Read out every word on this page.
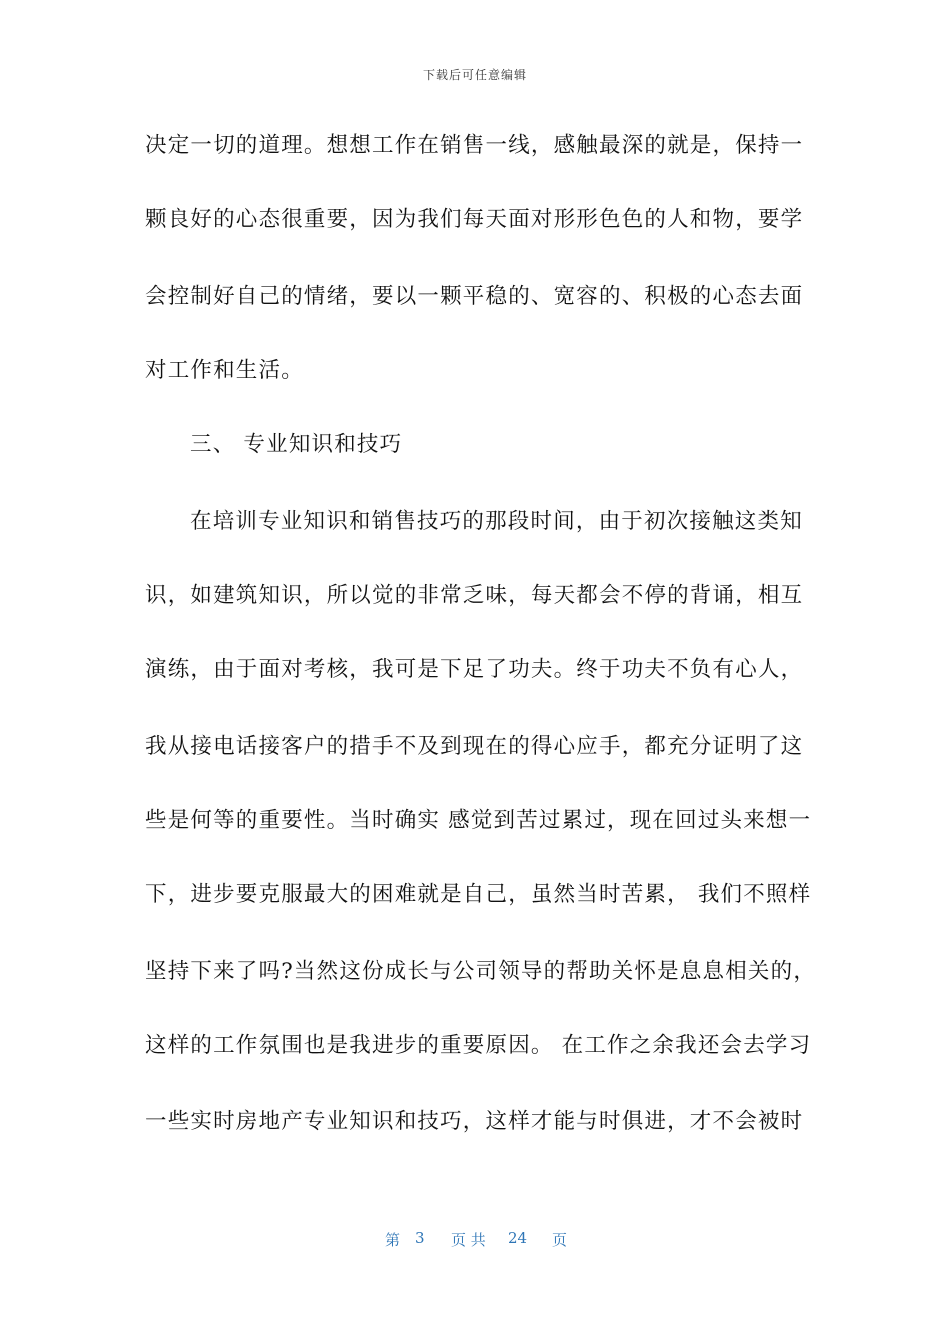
下载后可任意编辑
决定一切的道理。想想工作在销售一线，感触最深的就是，保持一
颗良好的心态很重要，因为我们每天面对形形色色的人和物，要学
会控制好自己的情绪，要以一颗平稳的、宽容的、积极的心态去面
对工作和生活。
三、 专业知识和技巧
在培训专业知识和销售技巧的那段时间，由于初次接触这类知
识，如建筑知识，所以觉的非常乏味，每天都会不停的背诵，相互
演练，由于面对考核，我可是下足了功夫。终于功夫不负有心人，
我从接电话接客户的措手不及到现在的得心应手，都充分证明了这
些是何等的重要性。当时确实 感觉到苦过累过，现在回过头来想一
下，进步要克服最大的困难就是自己，虽然当时苦累， 我们不照样
坚持下来了吗?当然这份成长与公司领导的帮助关怀是息息相关的，
这样的工作氛围也是我进步的重要原因。 在工作之余我还会去学习
一些实时房地产专业知识和技巧，这样才能与时俱进，才不会被时
第 3 页 共 24 页
